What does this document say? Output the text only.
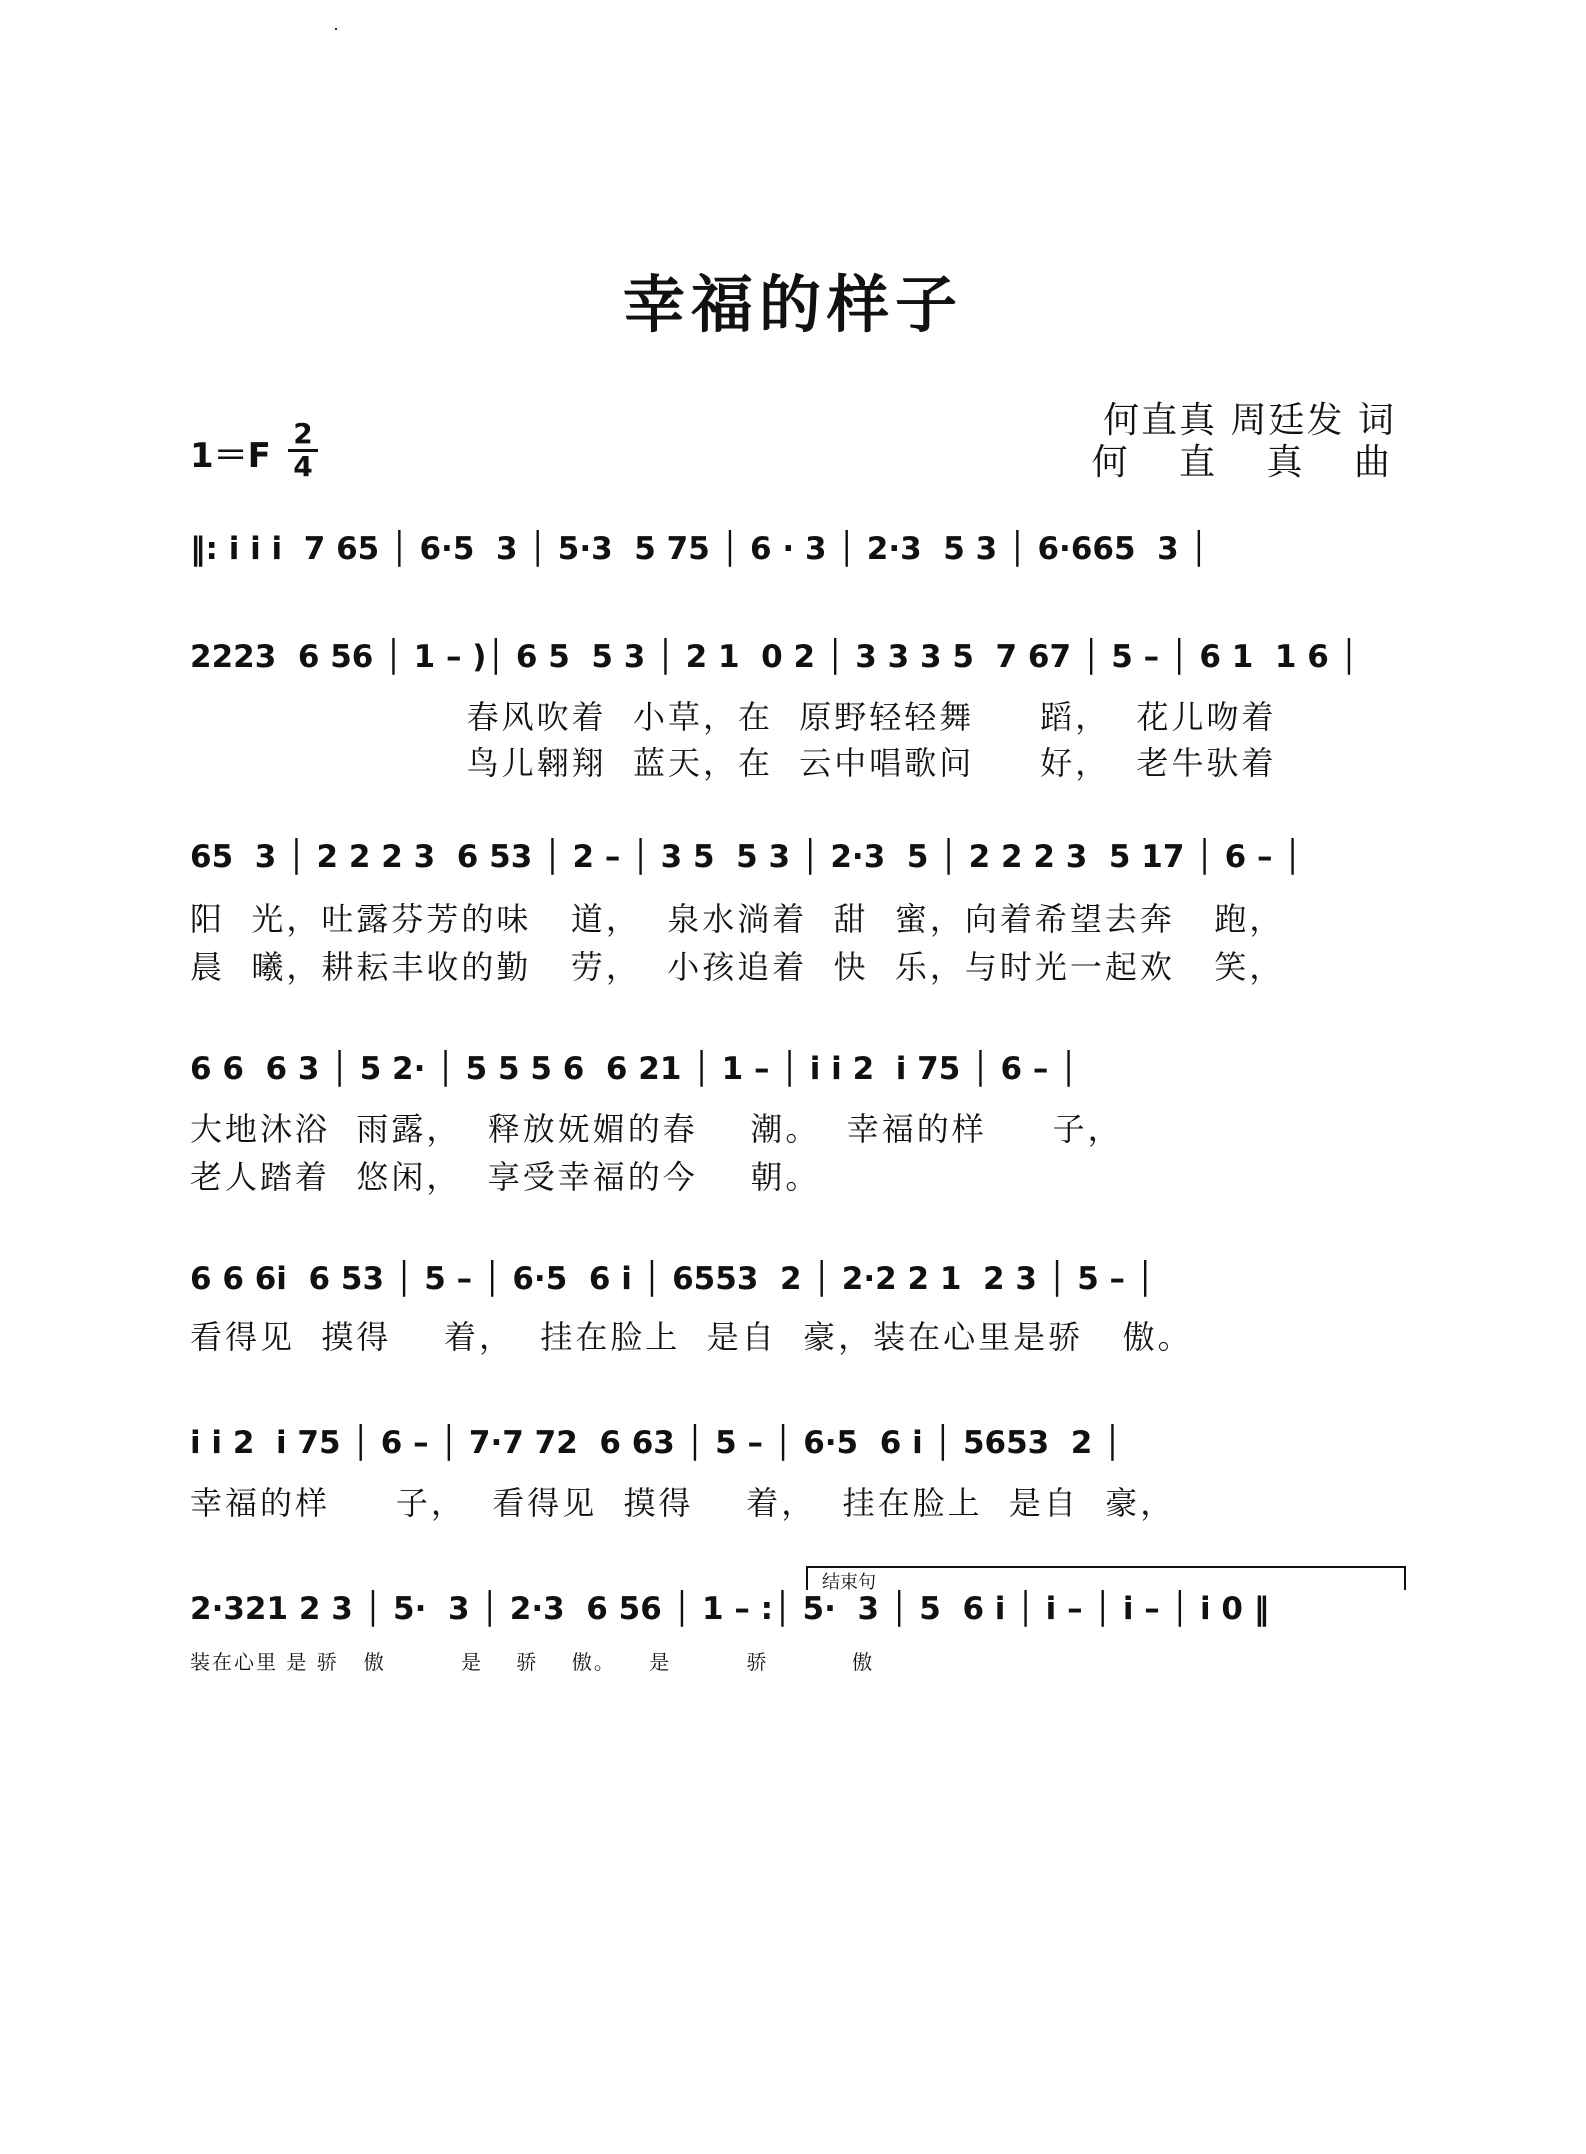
幸福的样子
1＝F
2
4
何直真 周廷发 词
何 直 真 曲
‖: i i i  7 65 │ 6·5  3 │ 5·3  5 75 │ 6 · 3 │ 2·3  5 3 │ 6·665  3 │
2223  6 56 │ 1 – )│ 6 5  5 3 │ 2 1  0 2 │ 3 3 3 5  7 67 │ 5 – │ 6 1  1 6 │
春风吹着  小草，在  原野轻轻舞     蹈，  花儿吻着
鸟儿翱翔  蓝天，在  云中唱歌问     好，  老牛驮着
65  3 │ 2 2 2 3  6 53 │ 2 – │ 3 5  5 3 │ 2·3  5 │ 2 2 2 3  5 17 │ 6 – │
阳  光，吐露芬芳的味   道，  泉水淌着  甜  蜜，向着希望去奔   跑，
晨  曦，耕耘丰收的勤   劳，  小孩追着  快  乐，与时光一起欢   笑，
6 6  6 3 │ 5 2· │ 5 5 5 6  6 21 │ 1 – │ i i 2  i 75 │ 6 – │
大地沐浴  雨露，  释放妩媚的春    潮。  幸福的样     子，
老人踏着  悠闲，  享受幸福的今    朝。
6 6 6i  6 53 │ 5 – │ 6·5  6 i │ 6553  2 │ 2·2 2 1  2 3 │ 5 – │
看得见  摸得    着，  挂在脸上  是自  豪，装在心里是骄   傲。
i i 2  i 75 │ 6 – │ 7·7 72  6 63 │ 5 – │ 6·5  6 i │ 5653  2 │
幸福的样     子，  看得见  摸得    着，  挂在脸上  是自  豪，
结束句
2·321 2 3 │ 5·  3 │ 2·3  6 56 │ 1 – :│ 5·  3 │ 5  6 i │ i – │ i – │ i 0 ‖
装在心里 是 骄   傲         是    骄    傲。    是         骄          傲
